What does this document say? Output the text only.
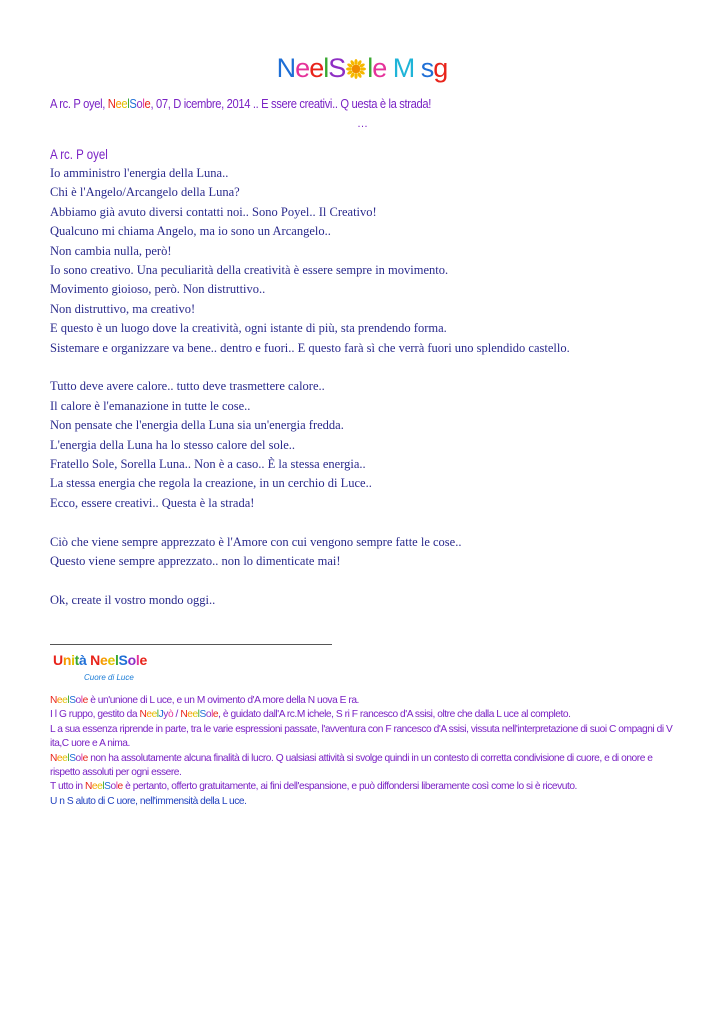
NeelS le M sg
A rc. P oyel, NeelSole, 07, D icembre, 2014 .. E ssere creativi.. Q uesta è la strada!
…
A rc. P oyel

Io amministro l'energia della Luna..

Chi è l'Angelo/Arcangelo della Luna?

Abbiamo già avuto diversi contatti noi.. Sono Poyel.. Il Creativo!

Qualcuno mi chiama Angelo, ma io sono un Arcangelo..

Non cambia nulla, però!

Io sono creativo. Una peculiarità della creatività è essere sempre in movimento.

Movimento gioioso, però. Non distruttivo..

Non distruttivo, ma creativo!

E questo è un luogo dove la creatività, ogni istante di più, sta prendendo forma.

Sistemare e organizzare va bene.. dentro e fuori.. E questo farà sì che verrà fuori uno splendido castello.

Tutto deve avere calore.. tutto deve trasmettere calore..

Il calore è l'emanazione in tutte le cose..

Non pensate che l'energia della Luna sia un'energia fredda.

L'energia della Luna ha lo stesso calore del sole..

Fratello Sole, Sorella Luna.. Non è a caso.. È la stessa energia..

La stessa energia che regola la creazione, in un cerchio di Luce..

Ecco, essere creativi.. Questa è la strada!

Ciò che viene sempre apprezzato è l'Amore con cui vengono sempre fatte le cose..

Questo viene sempre apprezzato.. non lo dimenticate mai!

Ok, create il vostro mondo oggi..

Unità NeelSole
Cuore di Luce

NeelSole è un'unione di L uce, e un M ovimento d'A more della N uova E ra.

I l G ruppo, gestito da NeelJyò / NeelSole, è guidato dall'A rc.M ichele, S ri F rancesco d'A ssisi, oltre che dalla L uce al completo.

L a sua essenza riprende in parte, tra le varie espressioni passate, l'avventura con F rancesco d'A ssisi, vissuta nell'interpretazione di suoi C ompagni di V ita,C uore e A nima.

NeelSole non ha assolutamente alcuna finalità di lucro. Q ualsiasi attività si svolge quindi in un contesto di corretta condivisione di cuore, e di onore e rispetto assoluti per ogni essere.

T utto in NeelSole è pertanto, offerto gratuitamente, ai fini dell'espansione, e può diffondersi liberamente così come lo si è ricevuto.

U n S aluto di C uore, nell'immensità della L uce.
